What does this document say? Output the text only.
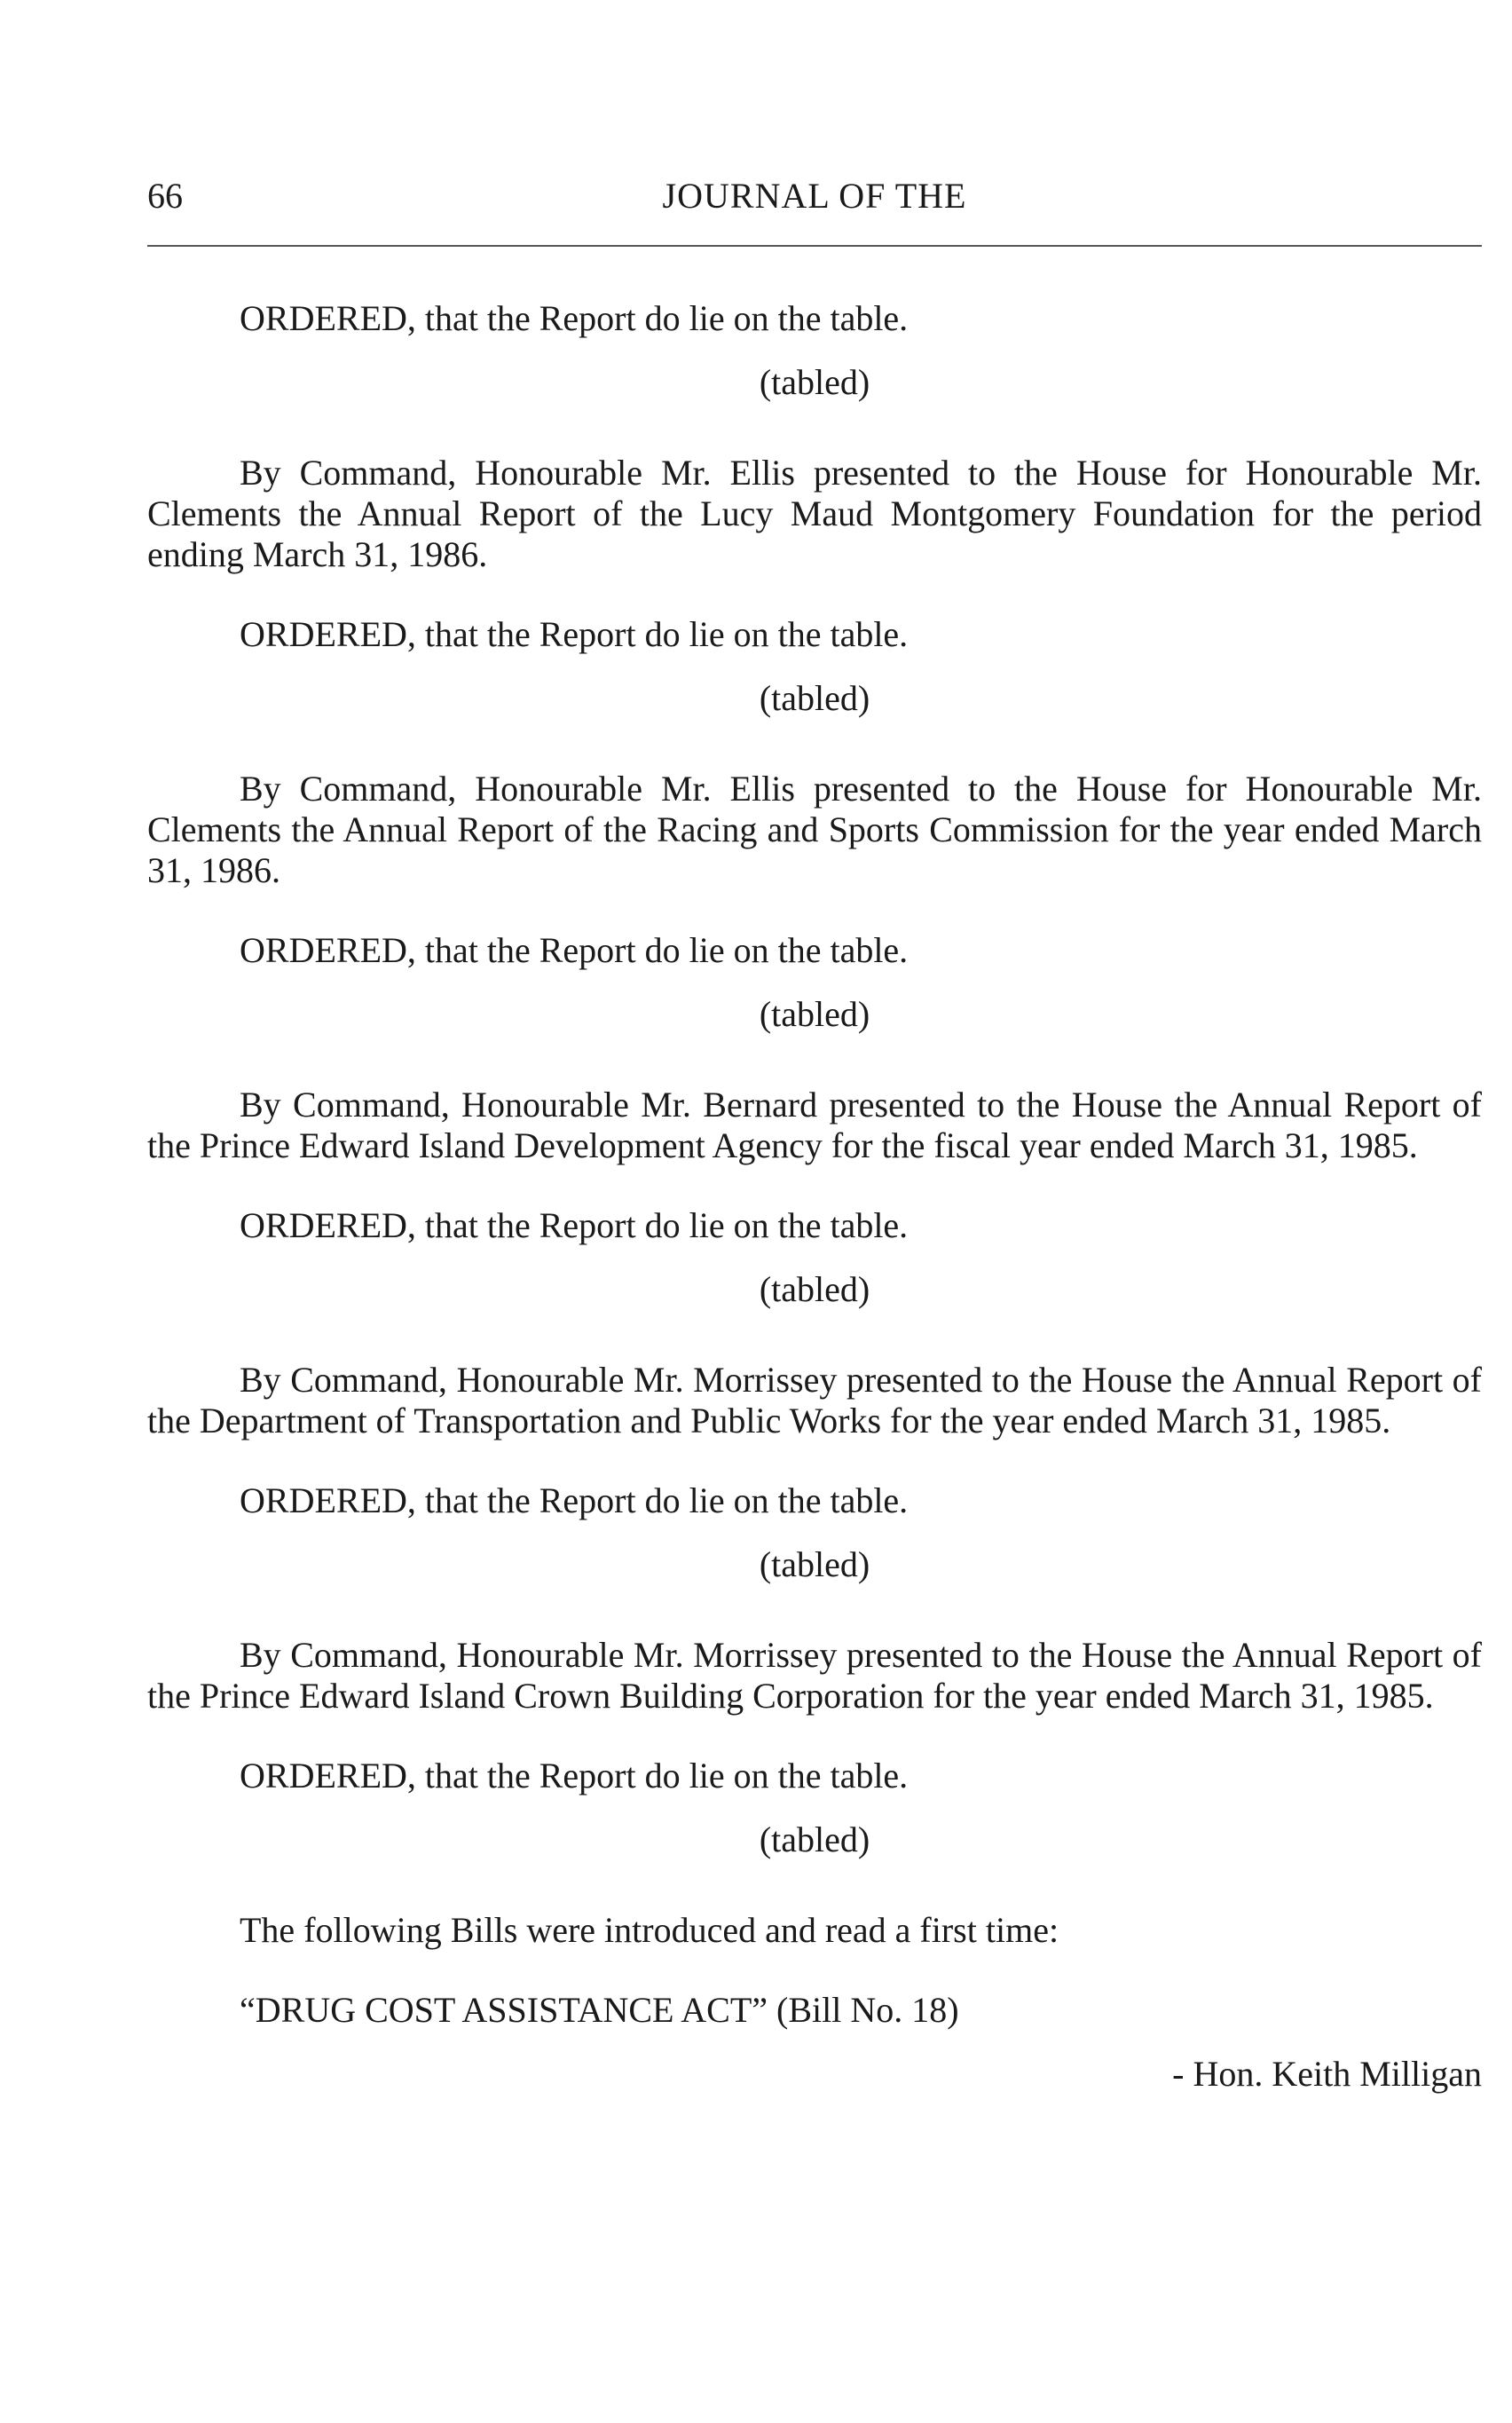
66	JOURNAL OF THE

ORDERED, that the Report do lie on the table.

(tabled)

By Command, Honourable Mr. Ellis presented to the House for Honourable Mr. Clements the Annual Report of the Lucy Maud Montgomery Foundation for the period ending March 31, 1986.

ORDERED, that the Report do lie on the table.

(tabled)

By Command, Honourable Mr. Ellis presented to the House for Honourable Mr. Clements the Annual Report of the Racing and Sports Commission for the year ended March 31, 1986.

ORDERED, that the Report do lie on the table.

(tabled)

By Command, Honourable Mr. Bernard presented to the House the Annual Report of the Prince Edward Island Development Agency for the fiscal year ended March 31, 1985.

ORDERED, that the Report do lie on the table.

(tabled)

By Command, Honourable Mr. Morrissey presented to the House the Annual Report of the Department of Transportation and Public Works for the year ended March 31, 1985.

ORDERED, that the Report do lie on the table.

(tabled)

By Command, Honourable Mr. Morrissey presented to the House the Annual Report of the Prince Edward Island Crown Building Corporation for the year ended March 31, 1985.

ORDERED, that the Report do lie on the table.

(tabled)

The following Bills were introduced and read a first time:

“DRUG COST ASSISTANCE ACT” (Bill No. 18)

- Hon. Keith Milligan
